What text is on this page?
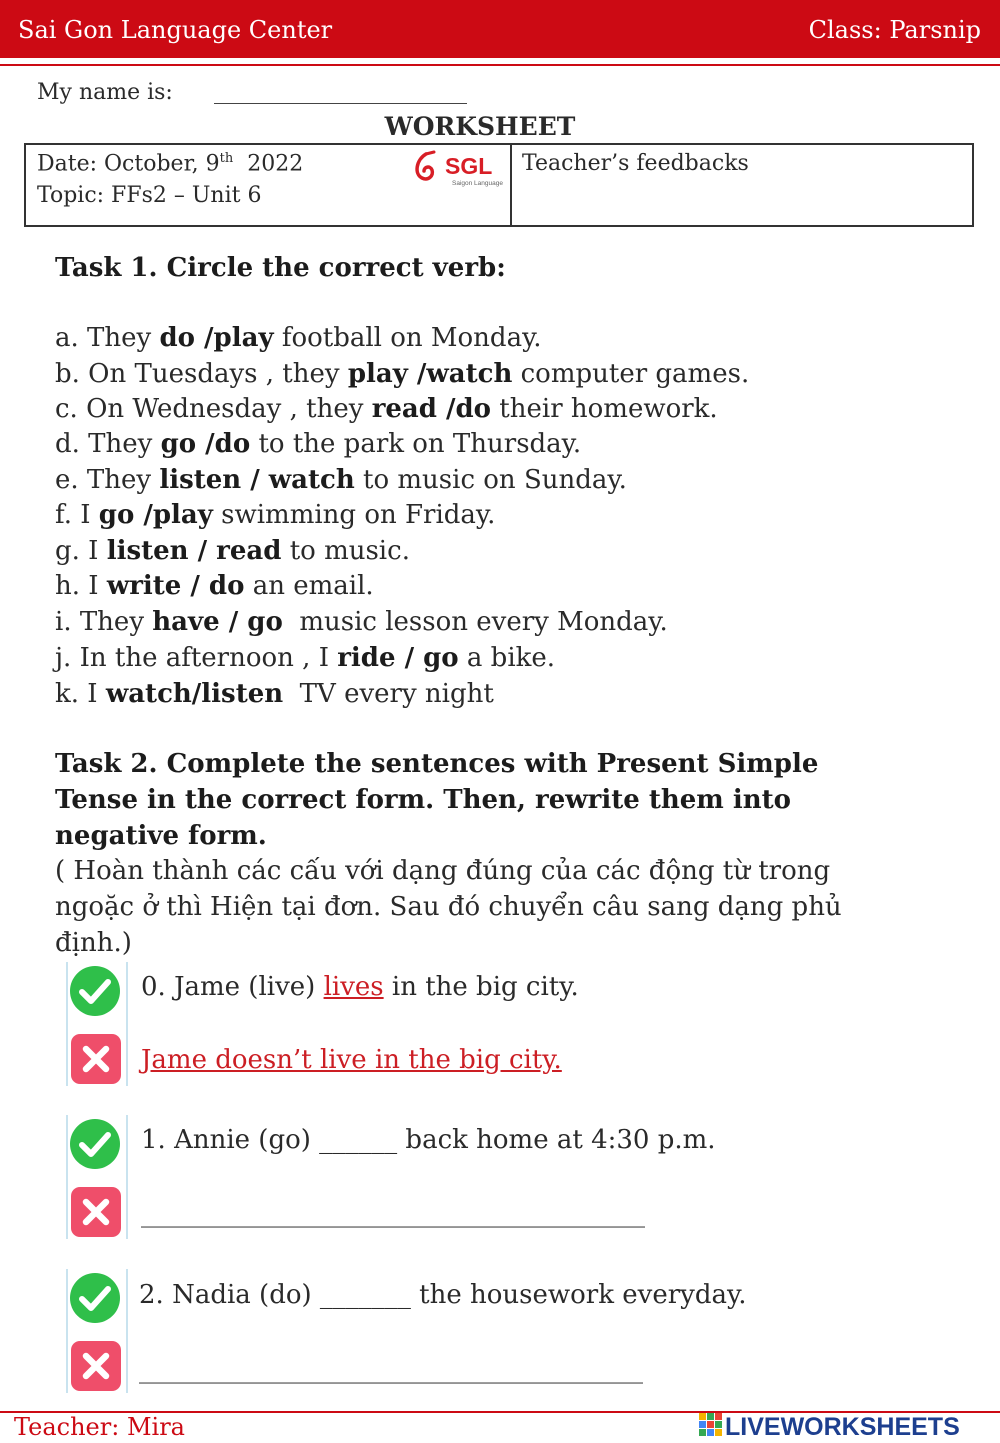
Sai Gon Language Center	Class: Parsnip
My name is:
WORKSHEET
Date: October, 9th 2022
Topic: FFs2 – Unit 6
Teacher’s feedbacks
SGL
Saigon Language
Task 1. Circle the correct verb:
a. They do /play football on Monday.
b. On Tuesdays , they play /watch computer games.
c. On Wednesday , they read /do their homework.
d. They go /do to the park on Thursday.
e. They listen / watch to music on Sunday.
f. I go /play swimming on Friday.
g. I listen / read to music.
h. I write / do an email.
i. They have / go  music lesson every Monday.
j. In the afternoon , I ride / go a bike.
k. I watch/listen  TV every night
Task 2. Complete the sentences with Present Simple
Tense in the correct form. Then, rewrite them into
negative form.
( Hoàn thành các cấu với dạng đúng của các động từ trong
ngoặc ở thì Hiện tại đơn. Sau đó chuyển câu sang dạng phủ
định.)
0. Jame (live) lives in the big city.
Jame doesn’t live in the big city.
1. Annie (go) ______ back home at 4:30 p.m.
__________________________________________
2. Nadia (do) _______ the housework everyday.
__________________________________________
Teacher: Mira	LIVEWORKSHEETS
